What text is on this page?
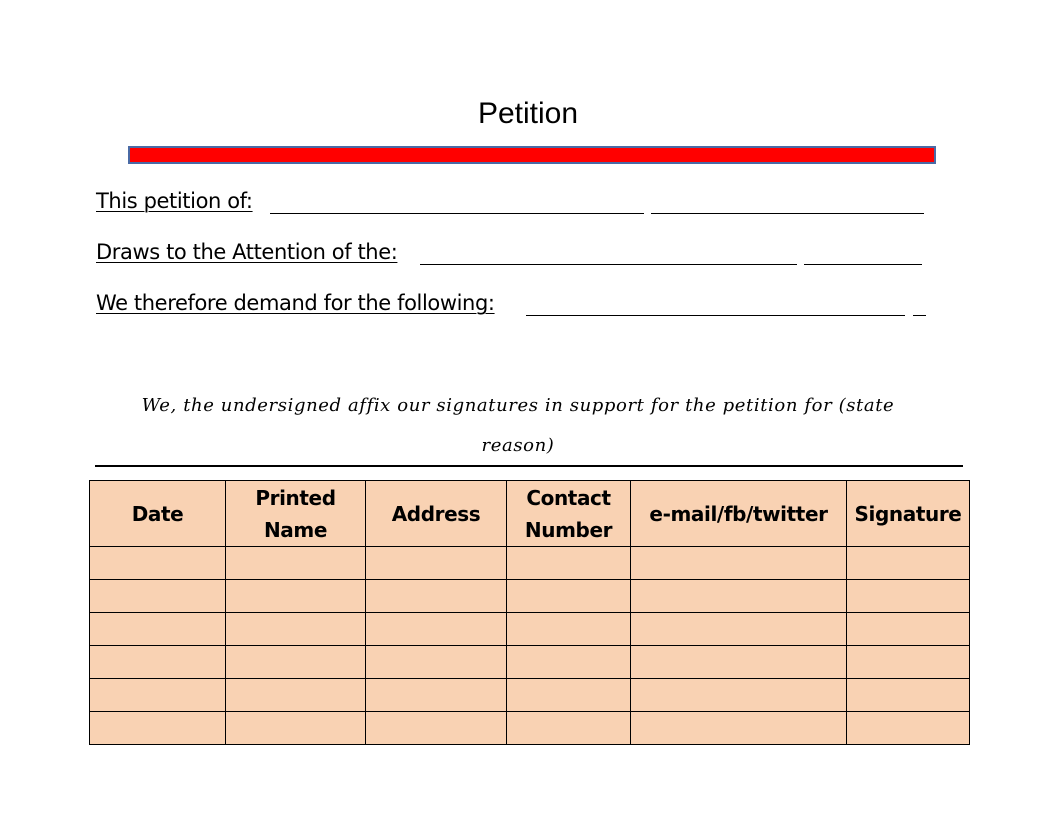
Petition
This petition of:
Draws to the Attention of the:
We therefore demand for the following:
We, the undersigned affix our signatures in support for the petition for (state reason)
Date	Printed Name	Address	Contact Number	e-mail/fb/twitter	Signature
